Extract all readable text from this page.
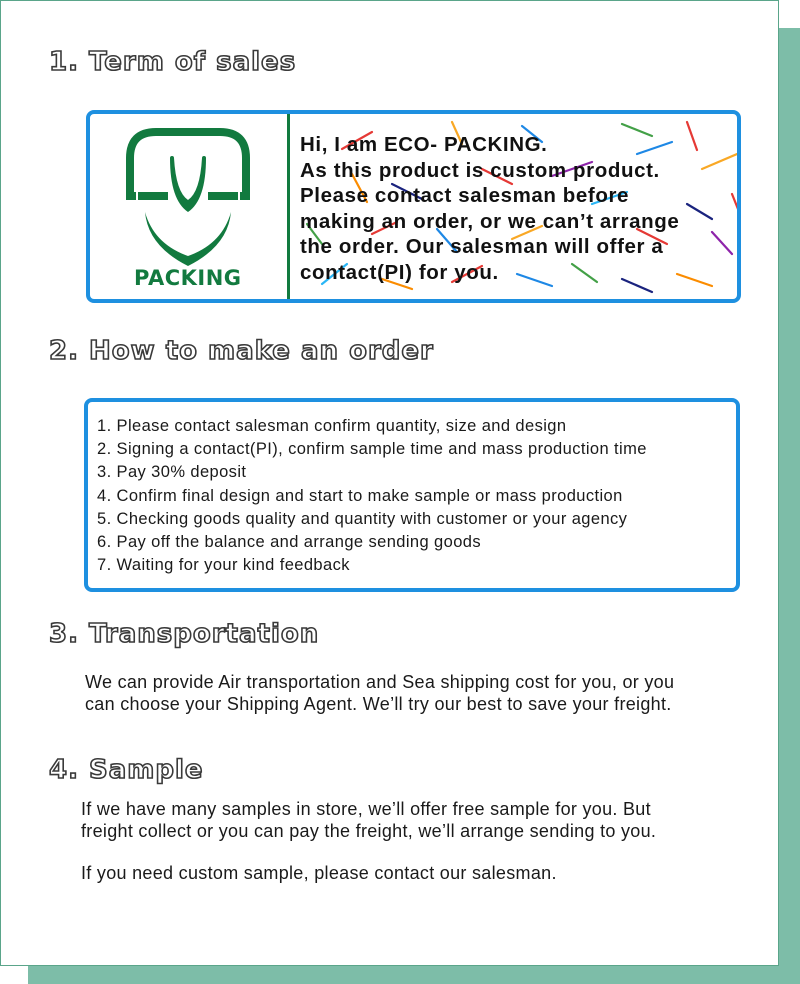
1. Term of sales
PACKING
Hi, I am ECO- PACKING.
As this product is custom product.
Please contact salesman before
making an order, or we can’t arrange
the order. Our salesman will offer a
contact(PI) for you.
2. How to make an order
1. Please contact salesman confirm quantity, size and design
2. Signing a contact(PI), confirm sample time and mass production time
3. Pay 30% deposit
4. Confirm final design and start to make sample or mass production
5. Checking goods quality and quantity with customer or your agency
6. Pay off the balance and arrange sending goods
7. Waiting for your kind feedback
3. Transportation
We can provide Air transportation and Sea shipping cost for you, or you
can choose your Shipping Agent. We’ll try our best to save your freight.
4. Sample
If we have many samples in store, we’ll offer free sample for you. But
freight collect or you can pay the freight, we’ll arrange sending to you.
If you need custom sample, please contact our salesman.
